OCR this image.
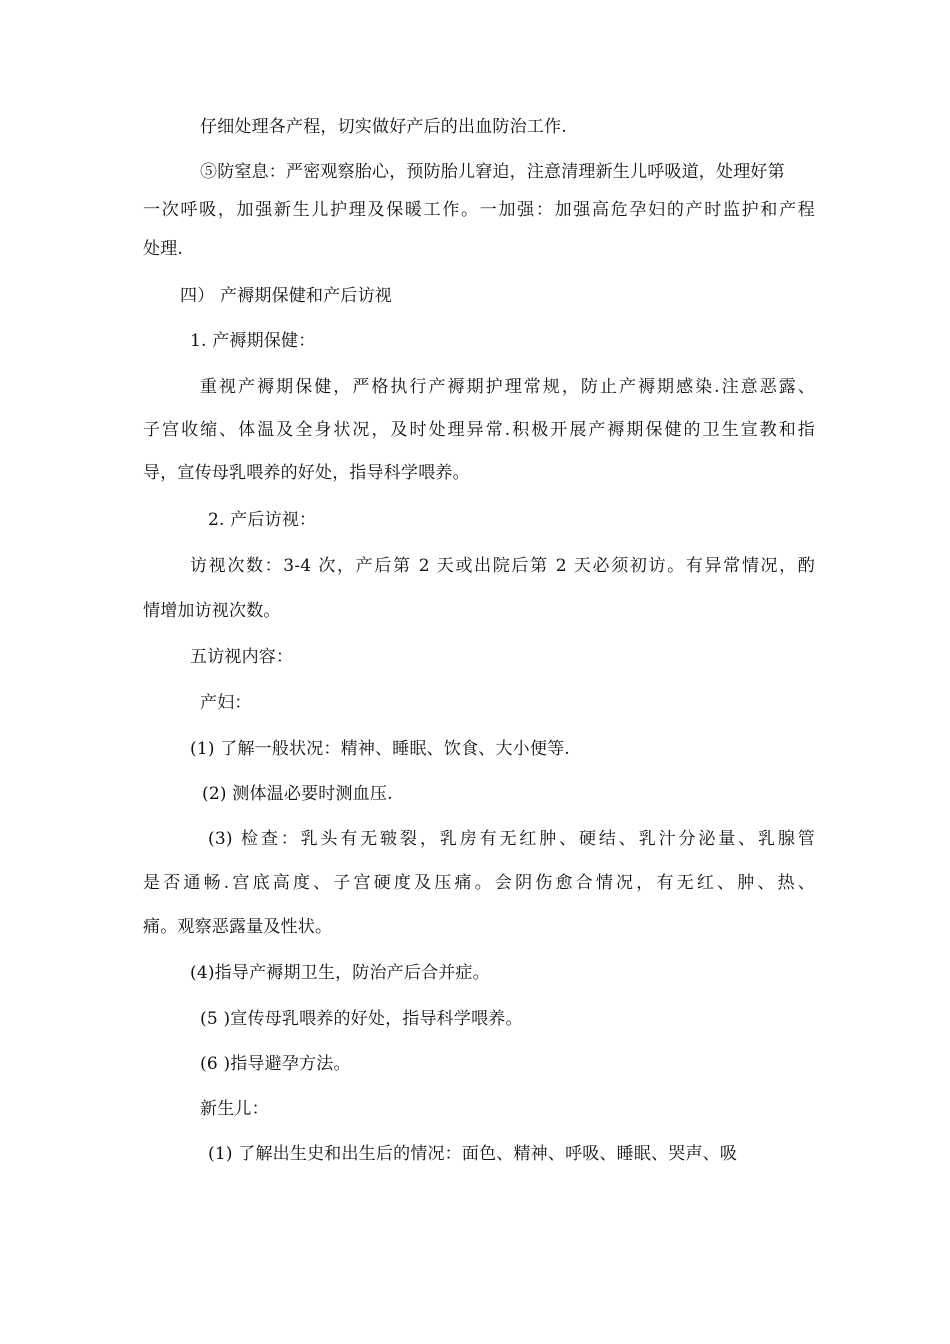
仔细处理各产程，切实做好产后的出血防治工作.
⑤防窒息：严密观察胎心，预防胎儿窘迫，注意清理新生儿呼吸道，处理好第
一次呼吸，加强新生儿护理及保暖工作。一加强：加强高危孕妇的产时监护和产程
处理.
四） 产褥期保健和产后访视
1. 产褥期保健：
重视产褥期保健，严格执行产褥期护理常规，防止产褥期感染.注意恶露、
子宫收缩、体温及全身状况，及时处理异常.积极开展产褥期保健的卫生宣教和指
导，宣传母乳喂养的好处，指导科学喂养。
2. 产后访视：
访视次数：3-4 次，产后第 2 天或出院后第 2 天必须初访。有异常情况，酌
情增加访视次数。
五访视内容：
产妇：
(1) 了解一般状况：精神、睡眠、饮食、大小便等.
(2) 测体温必要时测血压.
(3) 检查：乳头有无皲裂，乳房有无红肿、硬结、乳汁分泌量、乳腺管
是否通畅.宫底高度、子宫硬度及压痛。会阴伤愈合情况，有无红、肿、热、
痛。观察恶露量及性状。
(4)指导产褥期卫生，防治产后合并症。
(5 )宣传母乳喂养的好处，指导科学喂养。
(6 )指导避孕方法。
新生儿：
(1) 了解出生史和出生后的情况：面色、精神、呼吸、睡眠、哭声、吸
